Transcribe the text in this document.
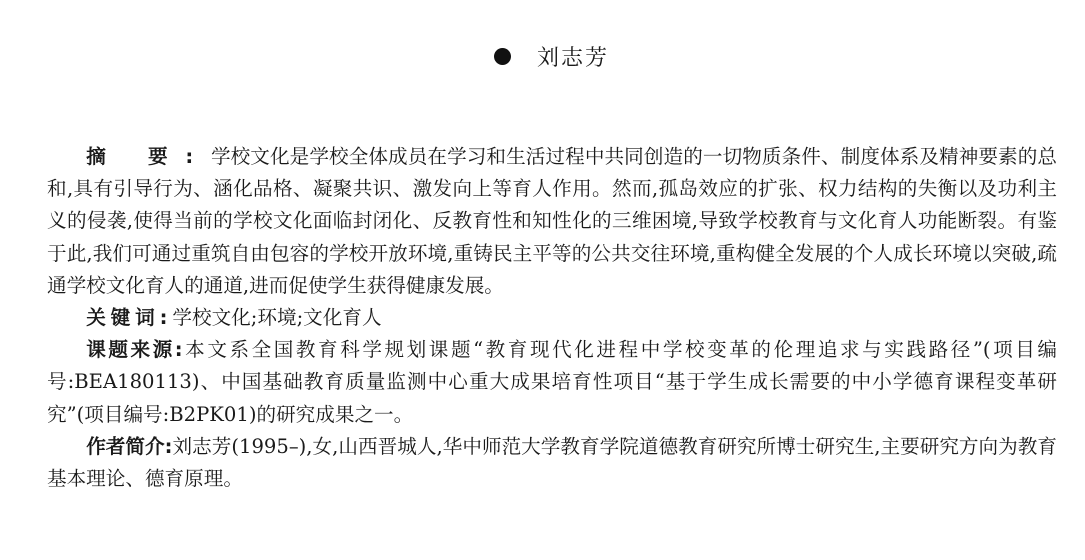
刘志芳

摘 要:学校文化是学校全体成员在学习和生活过程中共同创造的一切物质条件、制度体系及精神要素的总和,具有引导行为、涵化品格、凝聚共识、激发向上等育人作用。然而,孤岛效应的扩张、权力结构的失衡以及功利主义的侵袭,使得当前的学校文化面临封闭化、反教育性和知性化的三维困境,导致学校教育与文化育人功能断裂。有鉴于此,我们可通过重筑自由包容的学校开放环境,重铸民主平等的公共交往环境,重构健全发展的个人成长环境以突破,疏通学校文化育人的通道,进而促使学生获得健康发展。

关键词:学校文化;环境;文化育人

课题来源:本文系全国教育科学规划课题“教育现代化进程中学校变革的伦理追求与实践路径”(项目编号:BEA180113)、中国基础教育质量监测中心重大成果培育性项目“基于学生成长需要的中小学德育课程变革研究”(项目编号:B2PK01)的研究成果之一。

作者简介:刘志芳(1995–),女,山西晋城人,华中师范大学教育学院道德教育研究所博士研究生,主要研究方向为教育基本理论、德育原理。
